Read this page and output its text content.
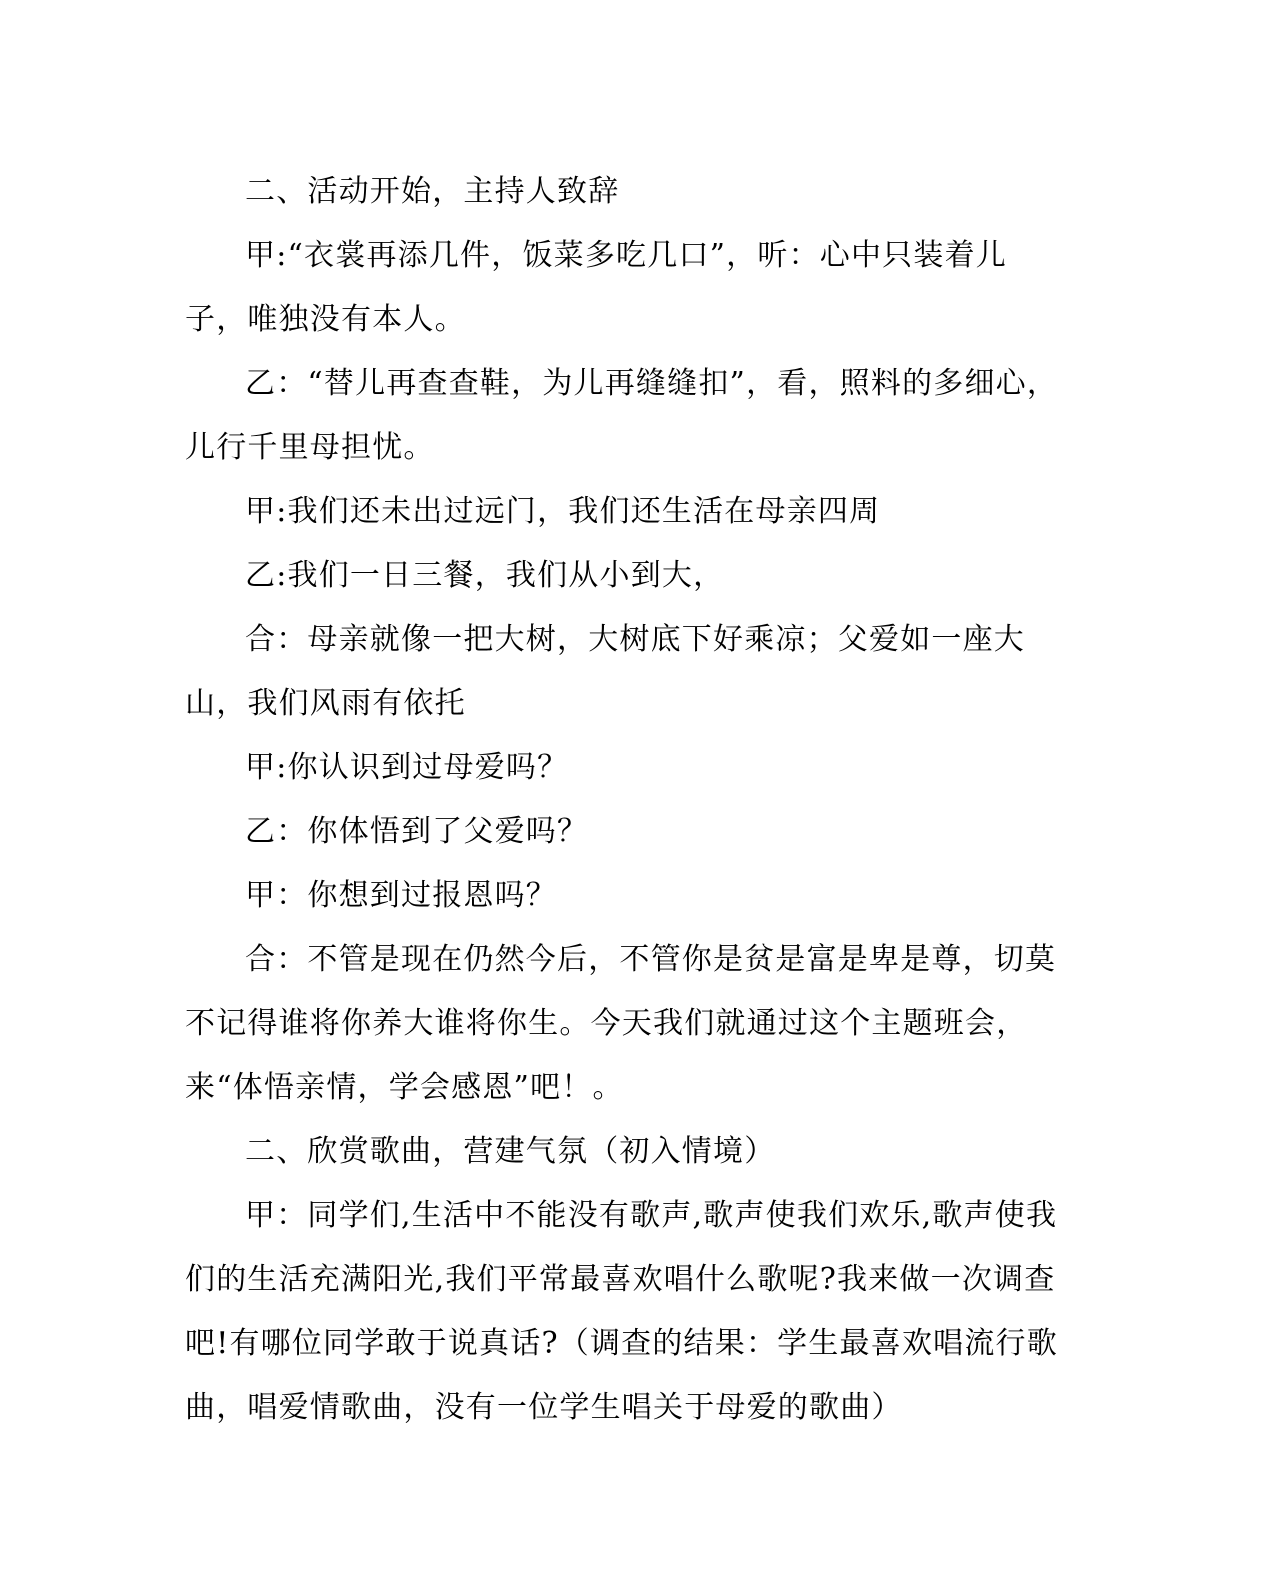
二、活动开始，主持人致辞

甲:“衣裳再添几件，饭菜多吃几口”，听：心中只装着儿子，唯独没有本人。

乙：“替儿再查查鞋，为儿再缝缝扣”，看，照料的多细心，儿行千里母担忧。

甲:我们还未出过远门，我们还生活在母亲四周

乙:我们一日三餐，我们从小到大，

合：母亲就像一把大树，大树底下好乘凉；父爱如一座大山，我们风雨有依托

甲:你认识到过母爱吗？

乙：你体悟到了父爱吗？

甲：你想到过报恩吗？

合：不管是现在仍然今后，不管你是贫是富是卑是尊，切莫不记得谁将你养大谁将你生。今天我们就通过这个主题班会，来“体悟亲情，学会感恩”吧！。

二、欣赏歌曲，营建气氛（初入情境）

甲：同学们,生活中不能没有歌声,歌声使我们欢乐,歌声使我们的生活充满阳光,我们平常最喜欢唱什么歌呢?我来做一次调查吧!有哪位同学敢于说真话?（调查的结果：学生最喜欢唱流行歌曲，唱爱情歌曲，没有一位学生唱关于母爱的歌曲）
